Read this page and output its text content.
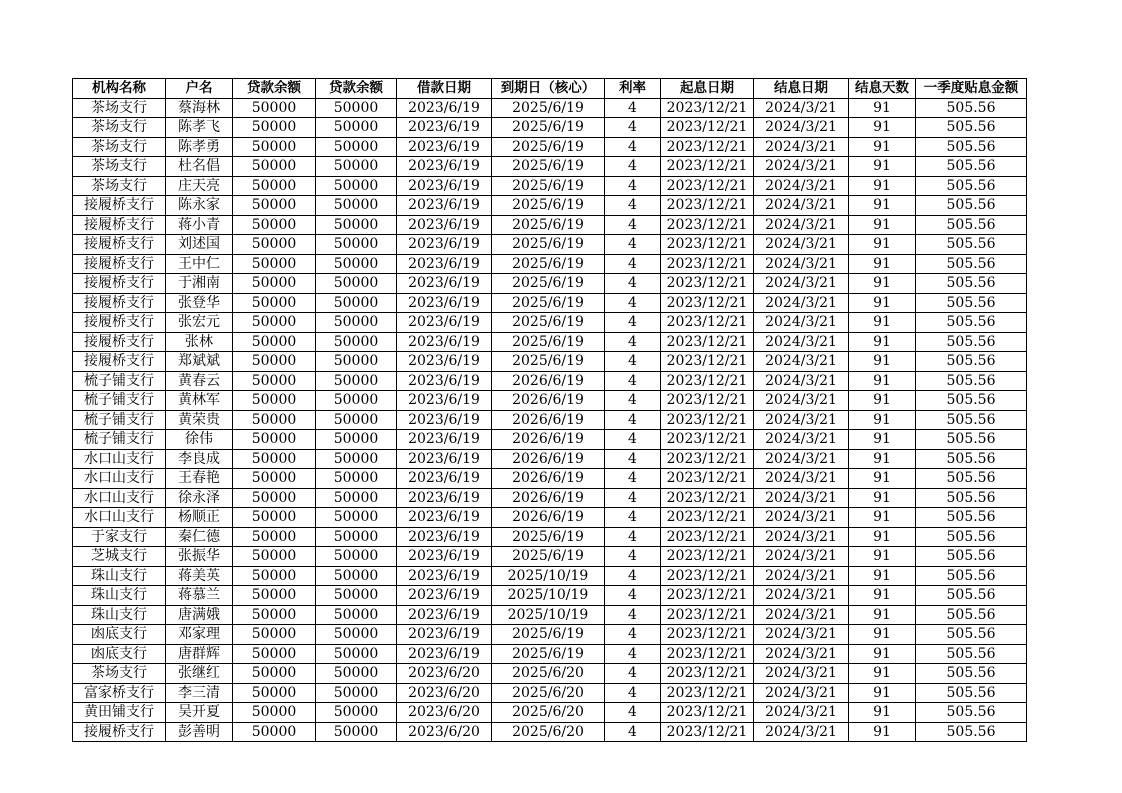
机构名称	户名	贷款余额	贷款余额	借款日期	到期日（核心）	利率	起息日期	结息日期	结息天数	一季度贴息金额
茶场支行	蔡海林	50000	50000	2023/6/19	2025/6/19	4	2023/12/21	2024/3/21	91	505.56
茶场支行	陈孝飞	50000	50000	2023/6/19	2025/6/19	4	2023/12/21	2024/3/21	91	505.56
茶场支行	陈孝勇	50000	50000	2023/6/19	2025/6/19	4	2023/12/21	2024/3/21	91	505.56
茶场支行	杜名倡	50000	50000	2023/6/19	2025/6/19	4	2023/12/21	2024/3/21	91	505.56
茶场支行	庄天亮	50000	50000	2023/6/19	2025/6/19	4	2023/12/21	2024/3/21	91	505.56
接履桥支行	陈永家	50000	50000	2023/6/19	2025/6/19	4	2023/12/21	2024/3/21	91	505.56
接履桥支行	蒋小青	50000	50000	2023/6/19	2025/6/19	4	2023/12/21	2024/3/21	91	505.56
接履桥支行	刘述国	50000	50000	2023/6/19	2025/6/19	4	2023/12/21	2024/3/21	91	505.56
接履桥支行	王中仁	50000	50000	2023/6/19	2025/6/19	4	2023/12/21	2024/3/21	91	505.56
接履桥支行	于湘南	50000	50000	2023/6/19	2025/6/19	4	2023/12/21	2024/3/21	91	505.56
接履桥支行	张登华	50000	50000	2023/6/19	2025/6/19	4	2023/12/21	2024/3/21	91	505.56
接履桥支行	张宏元	50000	50000	2023/6/19	2025/6/19	4	2023/12/21	2024/3/21	91	505.56
接履桥支行	张林	50000	50000	2023/6/19	2025/6/19	4	2023/12/21	2024/3/21	91	505.56
接履桥支行	郑斌斌	50000	50000	2023/6/19	2025/6/19	4	2023/12/21	2024/3/21	91	505.56
梳子铺支行	黄春云	50000	50000	2023/6/19	2026/6/19	4	2023/12/21	2024/3/21	91	505.56
梳子铺支行	黄林军	50000	50000	2023/6/19	2026/6/19	4	2023/12/21	2024/3/21	91	505.56
梳子铺支行	黄荣贵	50000	50000	2023/6/19	2026/6/19	4	2023/12/21	2024/3/21	91	505.56
梳子铺支行	徐伟	50000	50000	2023/6/19	2026/6/19	4	2023/12/21	2024/3/21	91	505.56
水口山支行	李良成	50000	50000	2023/6/19	2026/6/19	4	2023/12/21	2024/3/21	91	505.56
水口山支行	王春艳	50000	50000	2023/6/19	2026/6/19	4	2023/12/21	2024/3/21	91	505.56
水口山支行	徐永泽	50000	50000	2023/6/19	2026/6/19	4	2023/12/21	2024/3/21	91	505.56
水口山支行	杨顺正	50000	50000	2023/6/19	2026/6/19	4	2023/12/21	2024/3/21	91	505.56
于家支行	秦仁德	50000	50000	2023/6/19	2025/6/19	4	2023/12/21	2024/3/21	91	505.56
芝城支行	张振华	50000	50000	2023/6/19	2025/6/19	4	2023/12/21	2024/3/21	91	505.56
珠山支行	蒋美英	50000	50000	2023/6/19	2025/10/19	4	2023/12/21	2024/3/21	91	505.56
珠山支行	蒋慕兰	50000	50000	2023/6/19	2025/10/19	4	2023/12/21	2024/3/21	91	505.56
珠山支行	唐满娥	50000	50000	2023/6/19	2025/10/19	4	2023/12/21	2024/3/21	91	505.56
凼底支行	邓家理	50000	50000	2023/6/19	2025/6/19	4	2023/12/21	2024/3/21	91	505.56
凼底支行	唐群辉	50000	50000	2023/6/19	2025/6/19	4	2023/12/21	2024/3/21	91	505.56
茶场支行	张继红	50000	50000	2023/6/20	2025/6/20	4	2023/12/21	2024/3/21	91	505.56
富家桥支行	李三清	50000	50000	2023/6/20	2025/6/20	4	2023/12/21	2024/3/21	91	505.56
黄田铺支行	吴开夏	50000	50000	2023/6/20	2025/6/20	4	2023/12/21	2024/3/21	91	505.56
接履桥支行	彭善明	50000	50000	2023/6/20	2025/6/20	4	2023/12/21	2024/3/21	91	505.56
